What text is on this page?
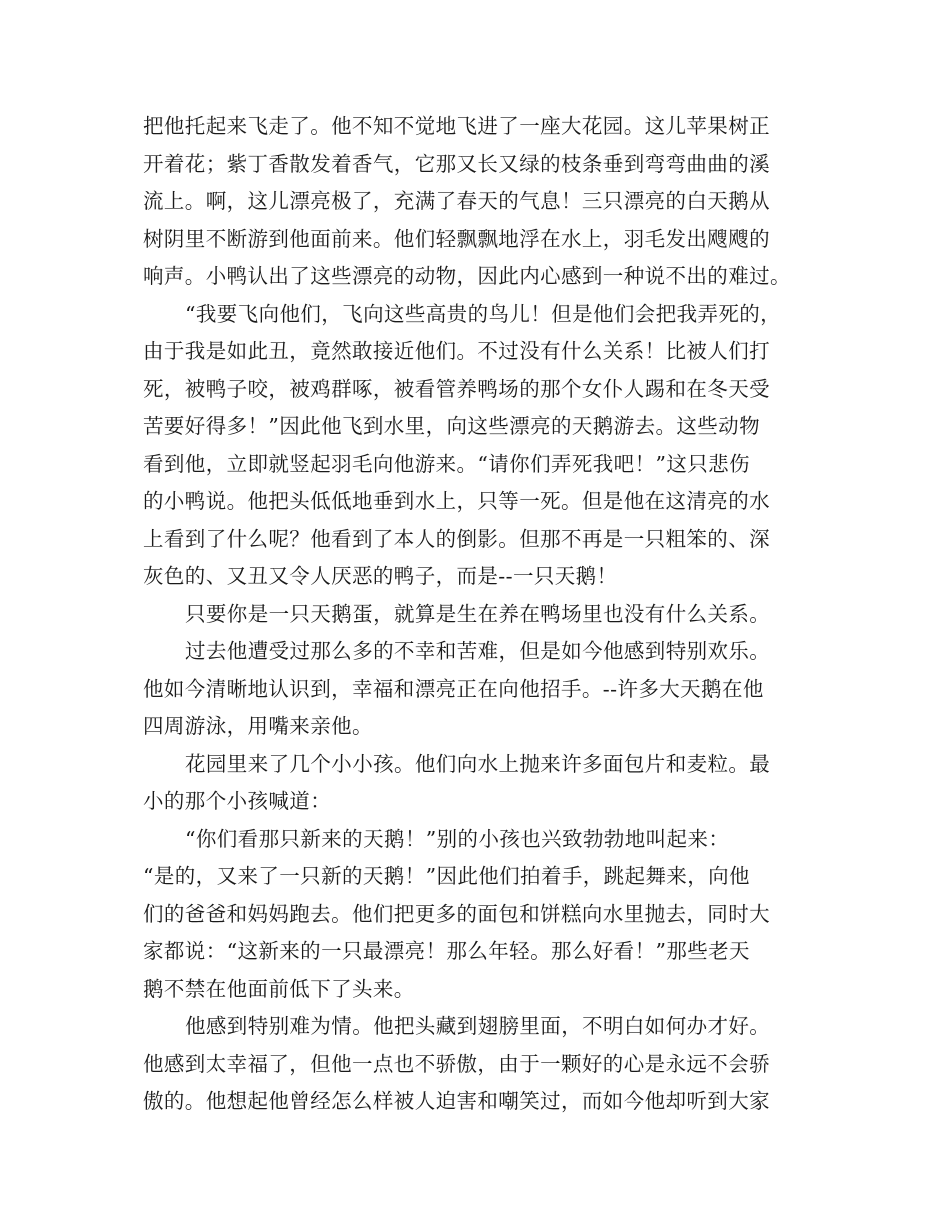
把他托起来飞走了。他不知不觉地飞进了一座大花园。这儿苹果树正
开着花；紫丁香散发着香气，它那又长又绿的枝条垂到弯弯曲曲的溪
流上。啊，这儿漂亮极了，充满了春天的气息！三只漂亮的白天鹅从
树阴里不断游到他面前来。他们轻飘飘地浮在水上，羽毛发出飕飕的
响声。小鸭认出了这些漂亮的动物，因此内心感到一种说不出的难过。
“我要飞向他们，飞向这些高贵的鸟儿！但是他们会把我弄死的，
由于我是如此丑，竟然敢接近他们。不过没有什么关系！比被人们打
死，被鸭子咬，被鸡群啄，被看管养鸭场的那个女仆人踢和在冬天受
苦要好得多！”因此他飞到水里，向这些漂亮的天鹅游去。这些动物
看到他，立即就竖起羽毛向他游来。“请你们弄死我吧！”这只悲伤
的小鸭说。他把头低低地垂到水上，只等一死。但是他在这清亮的水
上看到了什么呢？他看到了本人的倒影。但那不再是一只粗笨的、深
灰色的、又丑又令人厌恶的鸭子，而是--一只天鹅！
只要你是一只天鹅蛋，就算是生在养在鸭场里也没有什么关系。
过去他遭受过那么多的不幸和苦难，但是如今他感到特别欢乐。
他如今清晰地认识到，幸福和漂亮正在向他招手。--许多大天鹅在他
四周游泳，用嘴来亲他。
花园里来了几个小小孩。他们向水上抛来许多面包片和麦粒。最
小的那个小孩喊道：
“你们看那只新来的天鹅！”别的小孩也兴致勃勃地叫起来：
“是的，又来了一只新的天鹅！”因此他们拍着手，跳起舞来，向他
们的爸爸和妈妈跑去。他们把更多的面包和饼糕向水里抛去，同时大
家都说：“这新来的一只最漂亮！那么年轻。那么好看！”那些老天
鹅不禁在他面前低下了头来。
他感到特别难为情。他把头藏到翅膀里面，不明白如何办才好。
他感到太幸福了，但他一点也不骄傲，由于一颗好的心是永远不会骄
傲的。他想起他曾经怎么样被人迫害和嘲笑过，而如今他却听到大家
